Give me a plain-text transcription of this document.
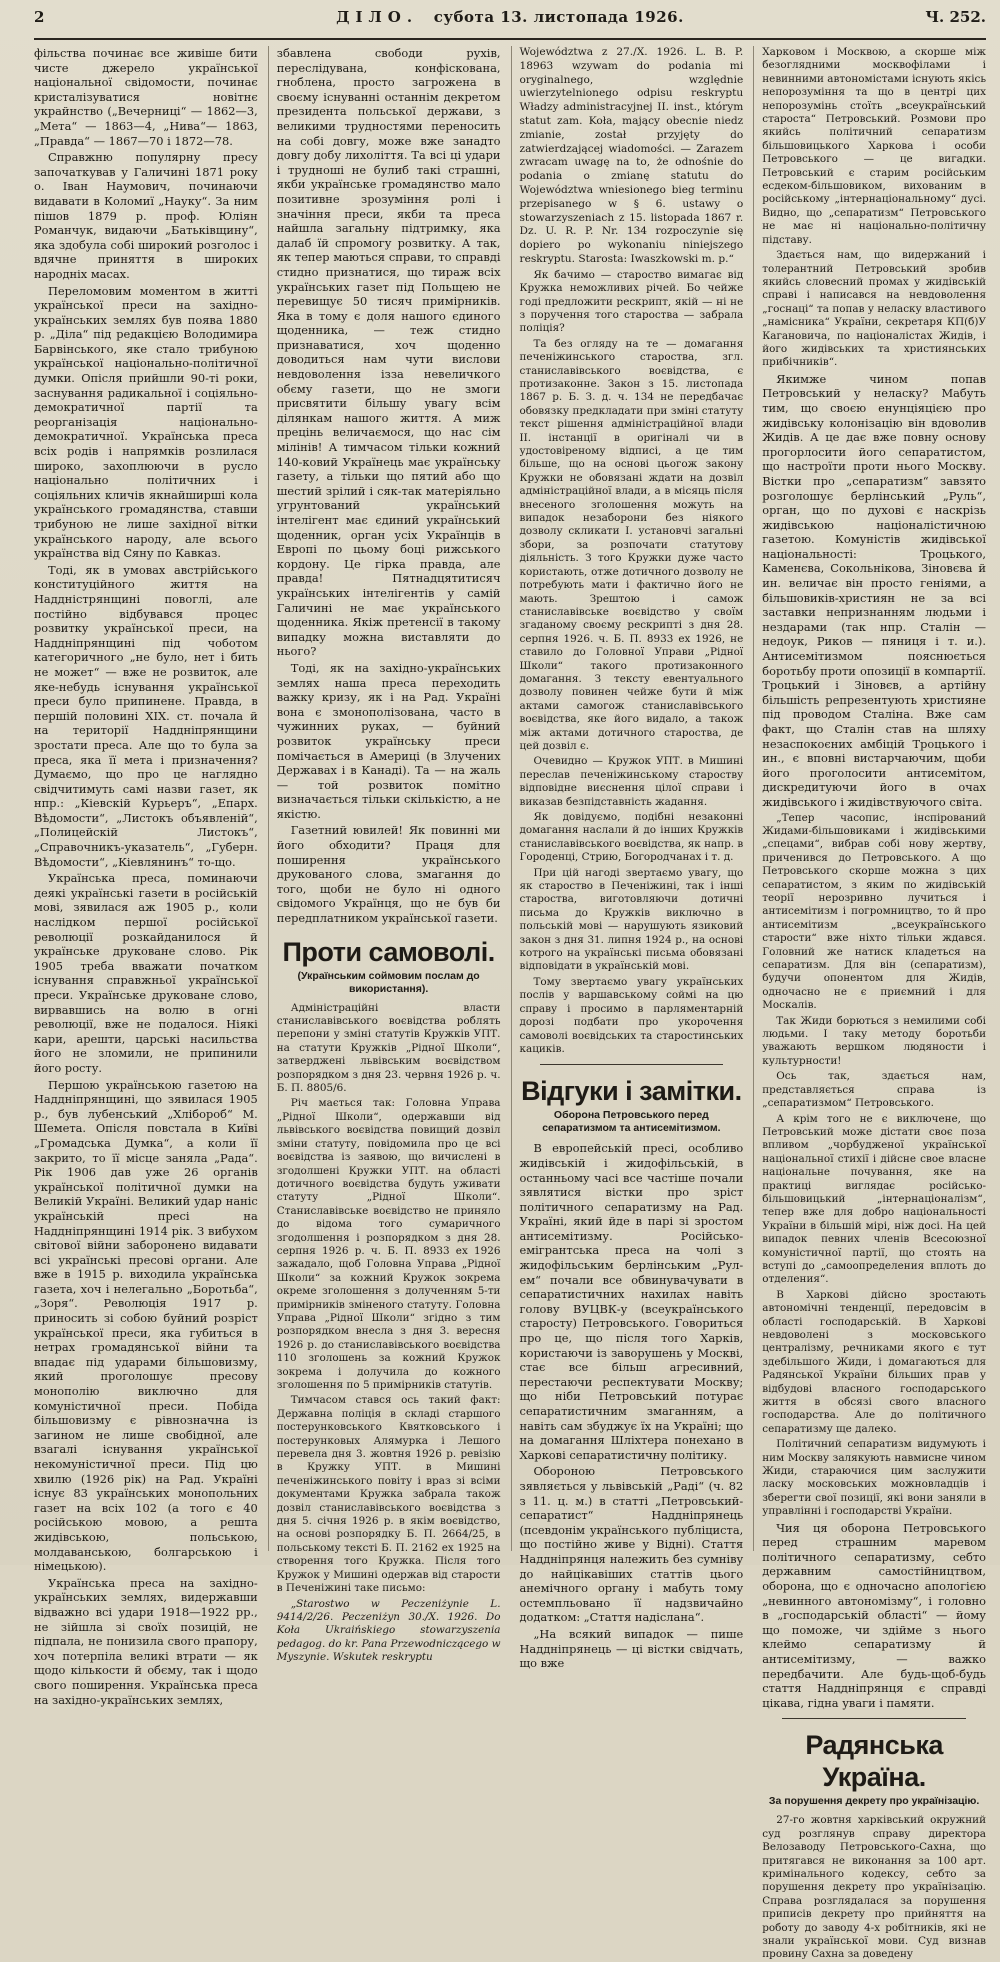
2	ДІЛО. субота 13. листопада 1926.	Ч. 252.

фільства починає все живіше бити чисте джерело української національної свідомости, починає кристалізуватися новітнє украйнство („Вечерниці“ — 1862—3, „Мета“ — 1863—4, „Нива“— 1863, „Правда“ — 1867—70 і 1872—78.

Справжню популярну пресу започаткував у Галичині 1871 року о. Іван Наумович, починаючи видавати в Коломиї „Науку“. За ним пішов 1879 р. проф. Юліян Романчук, видаючи „Батьківщину“, яка здобула собі широкий розголос і вдячне приняття в широких народніх масах.

Переломовим моментом в житті української преси на західно-українських землях був поява 1880 р. „Діла“ під редакцією Володимира Барвінського, яке стало трибуною української національно-політичної думки. Опісля прийшли 90-ті роки, заснування радикальної і соціяльно-демократичної партії та реорганізація національно-демократичної. Українська преса всіх родів і напрямків розлилася широко, захоплюючи в русло національно політичних і соціяльних кличів якнайширші кола українського громадянства, ставши трибуною не лише західної вітки українського народу, але всього українства від Сяну по Кавказ.

Тоді, як в умовах австрійського конституційного життя на Наддністрянщині повоглі, але постійно відбувався процес розвитку української преси, на Наддніпрянщині під чоботом категоричного „не було, нет і бить не может“ — вже не розвиток, але яке-небудь існування української преси було припинене. Правда, в першій половині XIX. ст. почала й на території Наддніпрянщини зростати преса. Але що то була за преса, яка її мета і призначення? Думаємо, що про це наглядно свідчитимуть самі назви газет, як нпр.: „Кіевскій Курьеръ“, „Епарх. Вѣдомости“, „Листокъ объявленій“, „Полицейскій Листокъ“, „Справочникъ-указатель“, „Губерн. Вѣдомости“, „Кіевлянинъ“ то-що.

Українська преса, поминаючи деякі українські газети в російській мові, зявилася аж 1905 р., коли наслідком першої російської революції розкайданилося й українське друковане слово. Рік 1905 треба вважати початком існування справжньої української преси. Українське друковане слово, вирвавшись на волю в огні революції, вже не подалося. Ніякі кари, арешти, царські насильства його не зломили, не припинили його росту.

Першою українською газетою на Наддніпрянщині, що зявилася 1905 р., був лубенський „Хлібороб“ М. Шемета. Опісля повстала в Київі „Громадська Думка“, а коли її закрито, то її місце заняла „Рада“. Рік 1906 дав уже 26 органів української політичної думки на Великій Україні. Великий удар наніс українській пресі на Наддніпрянщині 1914 рік. З вибухом світової війни заборонено видавати всі українські пресові органи. Але вже в 1915 р. виходила українська газета, хоч і нелегально „Боротьба“, „Зоря“. Революція 1917 р. приносить зі собою буйний розріст української преси, яка губиться в нетрах громадянської війни та впадає під ударами більшовизму, який проголошує пресову монополію виключно для комуністичної преси. Побіда більшовизму є рівнозначна із загином не лише свобідної, але взагалі існування української некомуністичної преси. Під цю хвилю (1926 рік) на Рад. Україні існує 83 українських монопольних газет на всіх 102 (а тогo є 40 російською мовою, а решта жидівською, польською, молдаванською, болгарською і німецькою).

Українська преса на західно-українських землях, видержавши відважно всі удари 1918—1922 рр., не зійшла зі своїх позицій, не підпала, не понизила свого прапору, хоч потерпіла великі втрати — як щодо кількости й обєму, так і щодо свого поширення. Українська преса на західно-українських землях,

збавлена свободи рухів, переслідувана, конфіскована, гноблена, просто загрожена в своєму існуванні останнім декретом президента польської держави, з великими трудностями переносить на собі довгу, може вже занадто довгу добу лихоліття. Та всі ці удари і трудноші не булиб такі страшні, якби українське громадянство мало позитивне зрозуміння ролі і значіння преси, якби та преса найшла загальну підтримку, яка далаб їй спромогу розвитку. А так, як тепер маються справи, то справді стидно признатися, що тираж всіх українських газет під Польщею не перевищує 50 тисяч примірників. Яка в тому є доля нашого єдиного щоденника, — теж стидно признаватися, хоч щоденно доводиться нам чути вислови невдоволення ізза невеличкого обєму газети, що не змоги присвятити більшу увагу всім ділянкам нашого життя. А миж прецінь величаємося, що нас сім мілінів! А тимчасом тільки кожний 140-ковий Українець має українську газету, а тільки що пятий або що шестий зрілий і сяк-так матеріяльно угрунтований український інтелігент має єдиний український щоденник, орган усіх Українців в Европі по цьому боці рижського кордону. Це гірка правда, але правда! Пятнадцятитисяч українських інтелігентів у самій Галичині не має українського щоденника. Якіж претенсії в такому випадку можна виставляти до нього?

Тоді, як на західно-українських землях наша преса переходить важку кризу, як і на Рад. Україні вона є змонополізована, часто в чужинних руках, — буйний розвиток українську преси помічається в Америці (в Злучених Державах і в Канаді). Та — на жаль — той розвиток помітно визначається тільки скількістю, а не якістю.

Газетний ювилей! Як повинні ми його обходити? Праця для поширення українського друкованого слова, змагання до того, щоби не було ні одного свідомого Українця, що не був би передплатником української газети.

Проти самоволі.
(Українським соймовим послам до використання).

Адміністраційні власти станиславівського воєвідства роблять перепони у зміні статутів Кружків УПТ. на статути Кружків „Рідної Школи“, затверджені львівським воєвідством розпорядком з дня 23. червня 1926 р. ч. Б. П. 8805/6.

Річ мається так: Головна Управа „Рідної Школи“, одержавши від львівського воєвідства повищий дозвіл зміни статуту, повідомила про це всі воєвідства із заявою, що вичислені в згодолшені Кружки УПТ. на області дотичного воєвідства будуть уживати статуту „Рідної Школи“. Станиславівське воєвідство не приняло до відома того сумаричного згодолшення і розпорядком з дня 28. серпня 1926 р. ч. Б. П. 8933 ex 1926 зажадало, щоб Головна Управа „Рідної Школи“ за кожний Кружок зокрема окреме зголошення з долученням 5-ти примірників зміненого статуту. Головна Управа „Рідної Школи“ згідно з тим розпорядком внесла з дня 3. вересня 1926 р. до станиславівського воєвідства 110 зголошень за кожний Кружок зокрема і долучила до кожного зголошення по 5 примірників статутів.

Тимчасом стався ось такий факт: Державна поліція в складі старшого постерунковського Квятковського і постерунковых Алямурка і Лешого перевела дня 3. жовтня 1926 р. ревізію в Кружку УПТ. в Мишині печеніжинського повіту і враз зі всіми документами Кружка забрала також дозвіл станиславівського воєвідства з дня 5. січня 1926 р. в якім воєвідство, на основі розпорядку Б. П. 2664/25, в польському тексті Б. П. 2162 ex 1925 на створення того Кружка. Після того Кружок у Мишині одержав від старости в Печеніжині таке письмо:

„Starostwo w Peczeniżynie L. 9414/2/26. Peczeniżyn 30./X. 1926. Do Koła Ukraińskiego stowarzyszenia pedagog. do kr. Pana Przewodniczącego w Myszynie. Wskutek reskryptu

Województwa z 27./X. 1926. L. B. P. 18963 wzywam do podania mi oryginalnego, względnie uwierzytelnionego odpisu reskryptu Władzy administracyjnej II. inst., którym statut zam. Koła, mający obecnie niedz zmianie, został przyjęty do zatwierdzającej wiadomości. — Zarazem zwracam uwagę na to, że odnośnie do podania o zmianę statutu do Województwa wniesionego bieg terminu przepisanego w § 6. ustawy o stowarzyszeniach z 15. listopada 1867 r. Dz. U. R. P. Nr. 134 rozpoczynie się dopiero po wykonaniu niniejszego reskryptu. Starosta: Iwaszkowski m. p.“

Як бачимо — староство вимагає від Кружка неможливих річей. Бо чейже годі предложити рескрипт, якій — ні не з поручення того староства — забрала поліція?

Та без огляду на те — домагання печеніжинського староства, згл. станиславівського воєвідства, є протизаконне. Закон з 15. листопада 1867 р. Б. З. д. ч. 134 не передбачає обовязку предкладати при зміні статуту текст рішення адміністраційної влади II. інстанції в оригіналі чи в удостовіреному відписі, а це тим більше, що на основі цьогож закону Кружки не обовязані ждати на дозвіл адміністраційної влади, а в місяць після внесеного зголошення можуть на випадок незаборони без ніякого дозволу скликати І. установчі загальні збори, за розпочати статутову діяльність. З того Кружки дуже часто користають, отже дотичного дозволу не потребують мати і фактично його не мають. Зрештою і самож станиславівське воєвідство у своїм згаданому своєму рескрипті з дня 28. серпня 1926. ч. Б. П. 8933 ex 1926, не ставило до Головної Управи „Рідної Школи“ такого протизаконного домагання. З тексту евентуального дозволу повинен чейже бути й між актами самогож станиславівського воєвідства, яке його видало, а також між актами дотичного староства, де цей дозвіл є.

Очевидно — Кружок УПТ. в Мишині переслав печеніжинському староству відповідне виєснення цілої справи і виказав безпідставність жадання.

Як довідуємо, подібні незаконні домагання наслали й до інших Кружків станиславівського воєвідства, як напр. в Городенці, Стрию, Богородчанах і т. д.

При цій нагоді звертаємо увагу, що як староство в Печеніжині, так і інші староства, виготовляючи дотичні письма до Кружків виключно в польській мові — нарушують язиковий закон з дня 31. липня 1924 р., на основі котрого на українські письма обовязані відповідати в українській мові.

Тому звертаємо увагу українських послів у варшавському соймі на цю справу і просимо в парляментарній дорозі подбати про укорочення самоволі воєвідських та старостинських кациків.

Відгуки і замітки.
Оборона Петровського перед сепаратизмом та антисемітизмом.

В европейській пресі, особливо жидівській і жидофільській, в останньому часі все частіше почали зявлятися вістки про зріст політичного сепаратизму на Рад. Україні, який йде в парі зі зростом антисемітизму. Російсько-емігрантська преса на чолі з жидофільським берлінським „Рул-ем“ почали все обвинувачувати в сепаратистичних нахилах навіть голову ВУЦВК-у (всеукраїнського старосту) Петровського. Говориться про це, що після того Харків, користаючи із заворушень у Москві, стає все більш агресивний, перестаючи респектувати Москву; що ніби Петровський потурає сепаратистичним змаганням, а навіть сам збуджує їх на Україні; що на домагання Шліхтера понехано в Харкові сепаратистичну політику.

Обороною Петровського зявляється у львівській „Раді“ (ч. 82 з 11. ц. м.) в статті „Петровський-сепаратист“ Наддніпрянець (псевдонім українського публіциста, що постійно живе у Відні). Стаття Наддніпрянця належить без сумніву до найцікавіших статтів цього анемічного органу і мабуть тому остемпльовано її надзвичайно додатком: „Стаття надіслана“.

„На всякий випадок — пише Наддніпрянець — ці вістки свідчать, що вже

Харковом і Москвою, а скорше між безоглядними москвофілами і невинними автономістами існують якісь непорозуміння та що в центрі цих непорозумінь стоїть „всеукраїнський староста“ Петровський. Розмови про якийсь політичний сепаратизм більшовицького Харкова і особи Петровського — це вигадки. Петровський є старим російським есдеком-більшовиком, вихованим в російському „інтернаціональному“ дусі. Видно, що „сепаратизм“ Петровського не має ні національно-політичну підставу.

Здається нам, що видержаний і толерантний Петровський зробив якийсь словесний промах у жидівській справі і написався на невдоволення „госнаці“ та попав у неласку властивого „намісника“ України, секретаря КП(б)У Кагановича, по націоналістах Жидів, і його жидівських та християнських прибічників“.

Якимже чином попав Петровський у неласку? Мабуть тим, що своєю енунціяцією про жидівську колонізацію він вдоволив Жидів. А це дає вже повну основу прогорлосити його сепаратистом, що настроїти проти нього Москву. Вістки про „сепаратизм“ завзято розголошує берлінський „Руль“, орган, що по духові є наскрізь жидівською націоналістичною газетою. Комуністів жидівської національності: Троцького, Каменєва, Сокольнікова, Зіновєва й ин. величає він просто геніями, а більшовиків-християн не за всі заставки непризнанням людьми і нездарами (так нпр. Сталін — недоук, Риков — пяниця і т. и.). Антисемітизмом пояснюється боротьбу проти опозиції в компартії. Троцький і Зіновєв, а артійну більшість репрезентують християне під проводом Сталіна. Вже сам факт, що Сталін став на шляху незаспокоєних амбіцій Троцького і ин., є вповні вистарчаючим, щоби його проголосити антисемітом, дискредитуючи його в очах жидівського і жидівствуючого світа.

„Тепер часопис, інспірований Жидами-більшовиками і жидівськими „спецами“, вибрав собі нову жертву, приченився до Петровського. А що Петровського скорше можна з цих сепаратистом, з яким по жидівській теорії нерозривно лучиться і антисемітизм і погромництво, то й про антисемітизм „всеукраїнського старости“ вже ніхто тільки ждався. Головний же натиск кладеться на сепаратизм. Для він (сепаратизм), будучи опонентом для Жидів, одночасно не є приємний і для Москалів.

Так Жиди борються з немилими собі людьми. І таку методу боротьби уважають вершком людяности і культурности!

Ось так, здається нам, представляється справа із „сепаратизмом“ Петровського.

А крім того не є виключене, що Петровський може дістати своє поза впливом „чорбудженої української національної стихії і дійсне свое власне національне почування, яке на практиці виглядає російсько-більшовицький „інтернаціоналізм“, тепер вже для добро національності України в більшій мірі, ніж досі. На цей випадок певних членів Всесоюзної комуністичної партії, що стоять на вступі до „самоопределения вплоть до отделения“.

В Харкові дійсно зростають автономічні тенденції, передовсім в області господарській. В Харкові невдоволені з московського централізму, речниками якого є тут здебільшого Жиди, і домагаються для Радянської України більших прав у відбудові власного господарського життя в обсязі свого власного господарства. Але до політичного сепаратизму ще далеко.

Політичний сепаратизм видумують і ним Москву залякують навмисне чином Жиди, стараючися цим заслужити ласку московських можновладців і зберегти свої позиції, які вони заняли в управлінні і господарстві України.

Чия ця оборона Петровського перед страшним маревом політичного сепаратизму, себто державним самостійництвом, оборона, що є одночасно апологією „невинного автономізму“, і головно в „господарській області“ — йому що поможе, чи здійме з нього клеймо сепаратизму й антисемітизму, — важко передбачити. Але будь-щоб-будь стаття Наддніпрянця є справді цікава, гідна уваги і памяти.

Радянська Україна.
За порушення декрету про українізацію.

27-го жовтня харківський окружний суд розглянув справу директора Велозаводу Петровського-Сахна, що притягався не виконання за 100 арт. кримінального кодексу, себто за порушення декрету про українізацію. Справа розглядалася за порушення приписів декрету про прийняття на роботу до заводу 4-х робітників, які не знали української мови. Суд визнав провину Сахна за доведену
